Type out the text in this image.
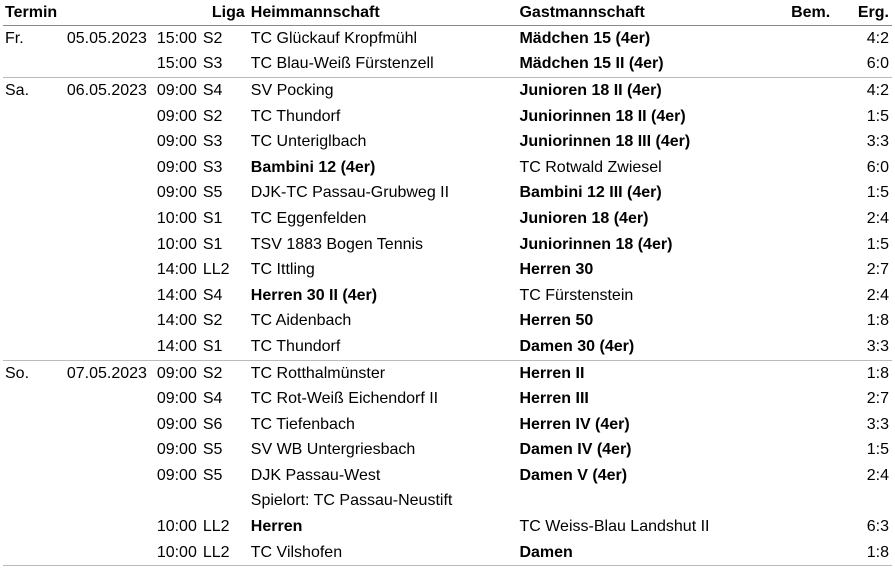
Termin			Liga	Heimmannschaft	Gastmannschaft	Bem.	Erg.
Fr.	05.05.2023	15:00	S2	TC Glückauf Kropfmühl	Mädchen 15 (4er)		4:2
		15:00	S3	TC Blau-Weiß Fürstenzell	Mädchen 15 II (4er)		6:0
Sa.	06.05.2023	09:00	S4	SV Pocking	Junioren 18 II (4er)		4:2
		09:00	S2	TC Thundorf	Juniorinnen 18 II (4er)		1:5
		09:00	S3	TC Unteriglbach	Juniorinnen 18 III (4er)		3:3
		09:00	S3	Bambini 12 (4er)	TC Rotwald Zwiesel		6:0
		09:00	S5	DJK-TC Passau-Grubweg II	Bambini 12 III (4er)		1:5
		10:00	S1	TC Eggenfelden	Junioren 18 (4er)		2:4
		10:00	S1	TSV 1883 Bogen Tennis	Juniorinnen 18 (4er)		1:5
		14:00	LL2	TC Ittling	Herren 30		2:7
		14:00	S4	Herren 30 II (4er)	TC Fürstenstein		2:4
		14:00	S2	TC Aidenbach	Herren 50		1:8
		14:00	S1	TC Thundorf	Damen 30 (4er)		3:3
So.	07.05.2023	09:00	S2	TC Rotthalmünster	Herren II		1:8
		09:00	S4	TC Rot-Weiß Eichendorf II	Herren III		2:7
		09:00	S6	TC Tiefenbach	Herren IV (4er)		3:3
		09:00	S5	SV WB Untergriesbach	Damen IV (4er)		1:5
		09:00	S5	DJK Passau-West	Damen V (4er)		2:4
				Spielort: TC Passau-Neustift			
		10:00	LL2	Herren	TC Weiss-Blau Landshut II		6:3
		10:00	LL2	TC Vilshofen	Damen		1:8
